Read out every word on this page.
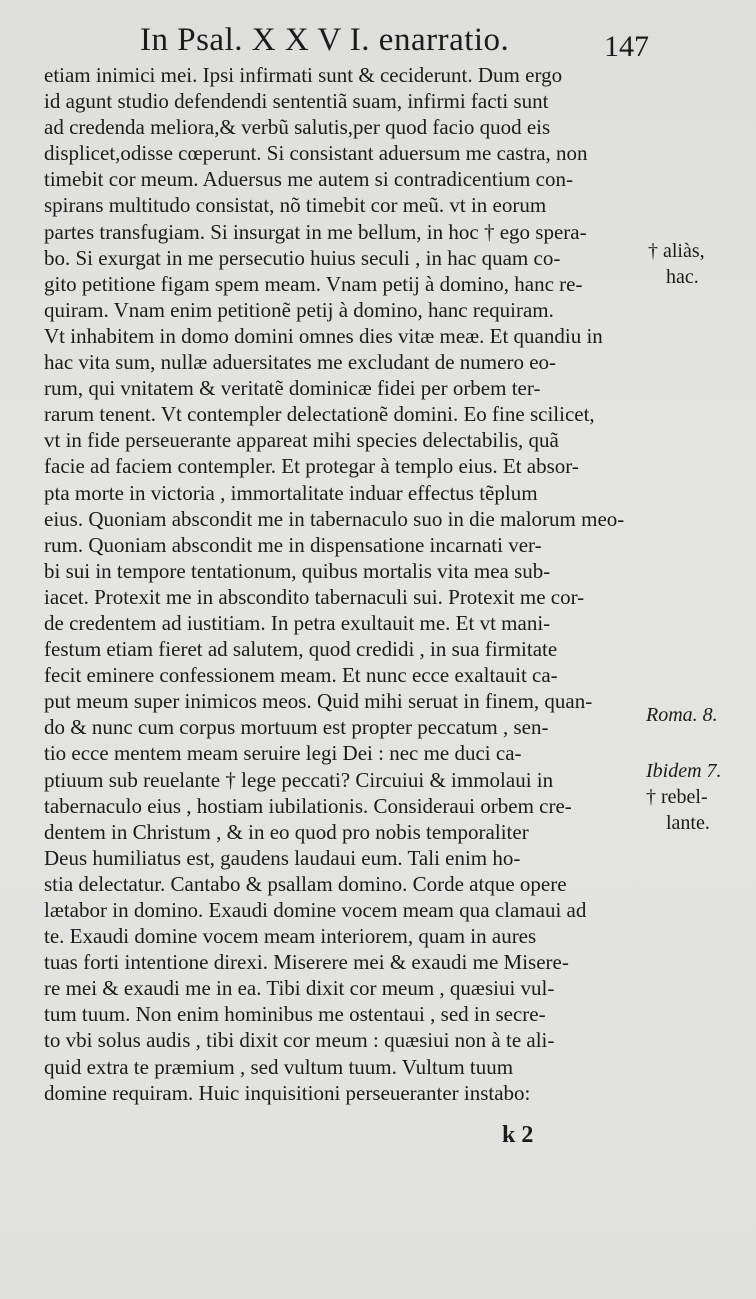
In Psal. X X V I. enarratio.	147
etiam inimici mei. Ipsi infirmati sunt & ceciderunt. Dum ergo
id agunt studio defendendi sententiã suam, infirmi facti sunt
ad credenda meliora,& verbũ salutis,per quod facio quod eis
displicet,odisse cœperunt. Si consistant aduersum me castra, non
timebit cor meum. Aduersus me autem si contradicentium con-
spirans multitudo consistat, nõ timebit cor meũ. vt in eorum
partes transfugiam. Si insurgat in me bellum, in hoc † ego spera-
bo. Si exurgat in me persecutio huius seculi , in hac quam co-
gito petitione figam spem meam. Vnam petij à domino, hanc re-
quiram. Vnam enim petitionẽ petij à domino, hanc requiram.
Vt inhabitem in domo domini omnes dies vitæ meæ. Et quandiu in
hac vita sum, nullæ aduersitates me excludant de numero eo-
rum, qui vnitatem & veritatẽ dominicæ fidei per orbem ter-
rarum tenent. Vt contempler delectationẽ domini. Eo fine scilicet,
vt in fide perseuerante appareat mihi species delectabilis, quã
facie ad faciem contempler. Et protegar à templo eius. Et absor-
pta morte in victoria , immortalitate induar effectus tẽplum
eius. Quoniam abscondit me in tabernaculo suo in die malorum meo-
rum. Quoniam abscondit me in dispensatione incarnati ver-
bi sui in tempore tentationum, quibus mortalis vita mea sub-
iacet. Protexit me in abscondito tabernaculi sui. Protexit me cor-
de credentem ad iustitiam. In petra exultauit me. Et vt mani-
festum etiam fieret ad salutem, quod credidi , in sua firmitate
fecit eminere confessionem meam. Et nunc ecce exaltauit ca-
put meum super inimicos meos. Quid mihi seruat in finem, quan-
do & nunc cum corpus mortuum est propter peccatum , sen-
tio ecce mentem meam seruire legi Dei : nec me duci ca-
ptiuum sub reuelante † lege peccati? Circuiui & immolaui in
tabernaculo eius , hostiam iubilationis. Consideraui orbem cre-
dentem in Christum , & in eo quod pro nobis temporaliter
Deus humiliatus est, gaudens laudaui eum. Tali enim ho-
stia delectatur. Cantabo & psallam domino. Corde atque opere
lætabor in domino. Exaudi domine vocem meam qua clamaui ad
te. Exaudi domine vocem meam interiorem, quam in aures
tuas forti intentione direxi. Miserere mei & exaudi me Misere-
re mei & exaudi me in ea. Tibi dixit cor meum , quæsiui vul-
tum tuum. Non enim hominibus me ostentaui , sed in secre-
to vbi solus audis , tibi dixit cor meum : quæsiui non à te ali-
quid extra te præmium , sed vultum tuum. Vultum tuum
domine requiram. Huic inquisitioni perseueranter instabo:
† aliàs,
hac.
Roma. 8.
Ibidem 7.
† rebel-
lante.
k 2
